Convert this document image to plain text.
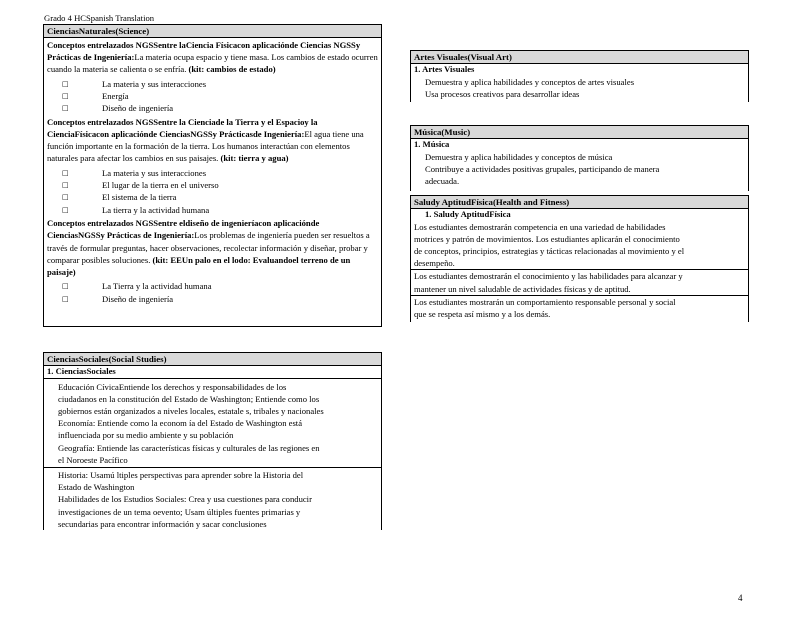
Grado 4 HCSpanish Translation
CienciasNaturales(Science)
Conceptos entrelazados NGSSentre laCiencia Físicacon aplicaciónde Ciencias NGSSy Prácticas de Ingeniería:La materia ocupa espacio y tiene masa. Los cambios de estado ocurren cuando la materia se calienta o se enfría. (kit: cambios de estado)
□	La materia y sus interacciones
□	Energía
□	Diseño de ingeniería
Conceptos entrelazados NGSSentre la Cienciade la Tierra y el Espacioy la CienciaFísicacon aplicaciónde CienciasNGSSy Prácticasde Ingeniería:El agua tiene una función importante en la formación de la tierra. Los humanos interactúan con elementos naturales para afectar los cambios en sus paisajes. (kit: tierra y agua)
□	La materia y sus interacciones
□	El lugar de la tierra en el universo
□	El sistema de la tierra
□	La tierra y la actividad humana
Conceptos entrelazados NGSSentre eldiseño de ingenieríacon aplicaciónde CienciasNGSSy Prácticas de Ingeniería:Los problemas de ingeniería pueden ser resueltos a través de formular preguntas, hacer observaciones, recolectar información y diseñar, probar y comparar posibles soluciones. (kit: EEUn palo en el lodo: Evaluandoel terreno de un paisaje)
□	La Tierra y la actividad humana
□	Diseño de ingeniería
CienciasSociales(Social Studies)
1. CienciasSociales

Educación CívicaEntiende los derechos y responsabilidades de los

ciudadanos en la constitución del Estado de Washington; Entiende como los

gobiernos están organizados a niveles locales, estatale s, tribales y nacionales

Economía: Entiende como la econom ía del Estado de Washington está

influenciada por su medio ambiente y su población

Geografía: Entiende las características físicas y culturales de las regiones en

el Noroeste Pacífico

Historia: Usamú ltiples perspectivas para aprender sobre la Historia del

Estado de Washington

Habilidades de los Estudios Sociales: Crea y usa cuestiones para conducir

investigaciones de un tema oevento; Usam últiples fuentes primarias y

secundarias para encontrar información y sacar conclusiones

Artes Visuales(Visual Art)
1. Artes Visuales

Demuestra y aplica habilidades y conceptos de artes visuales

Usa procesos creativos para desarrollar ideas

Música(Music)
1. Música

Demuestra y aplica habilidades y conceptos de música

Contribuye a actividades positivas grupales, participando de manera

adecuada.

Saludy AptitudFísica(Health and Fitness)
1. Saludy AptitudFísica

Los estudiantes demostrarán competencia en una variedad de habilidades

motrices y patrón de movimientos. Los estudiantes aplicarán el conocimiento

de conceptos, principios, estrategias y tácticas relacionadas al movimiento y el

desempeño.

Los estudiantes demostrarán el conocimiento y las habilidades para alcanzar y

mantener un nivel saludable de actividades físicas y de aptitud.

Los estudiantes mostrarán un comportamiento responsable personal y social

que se respeta así mismo y a los demás.

4
